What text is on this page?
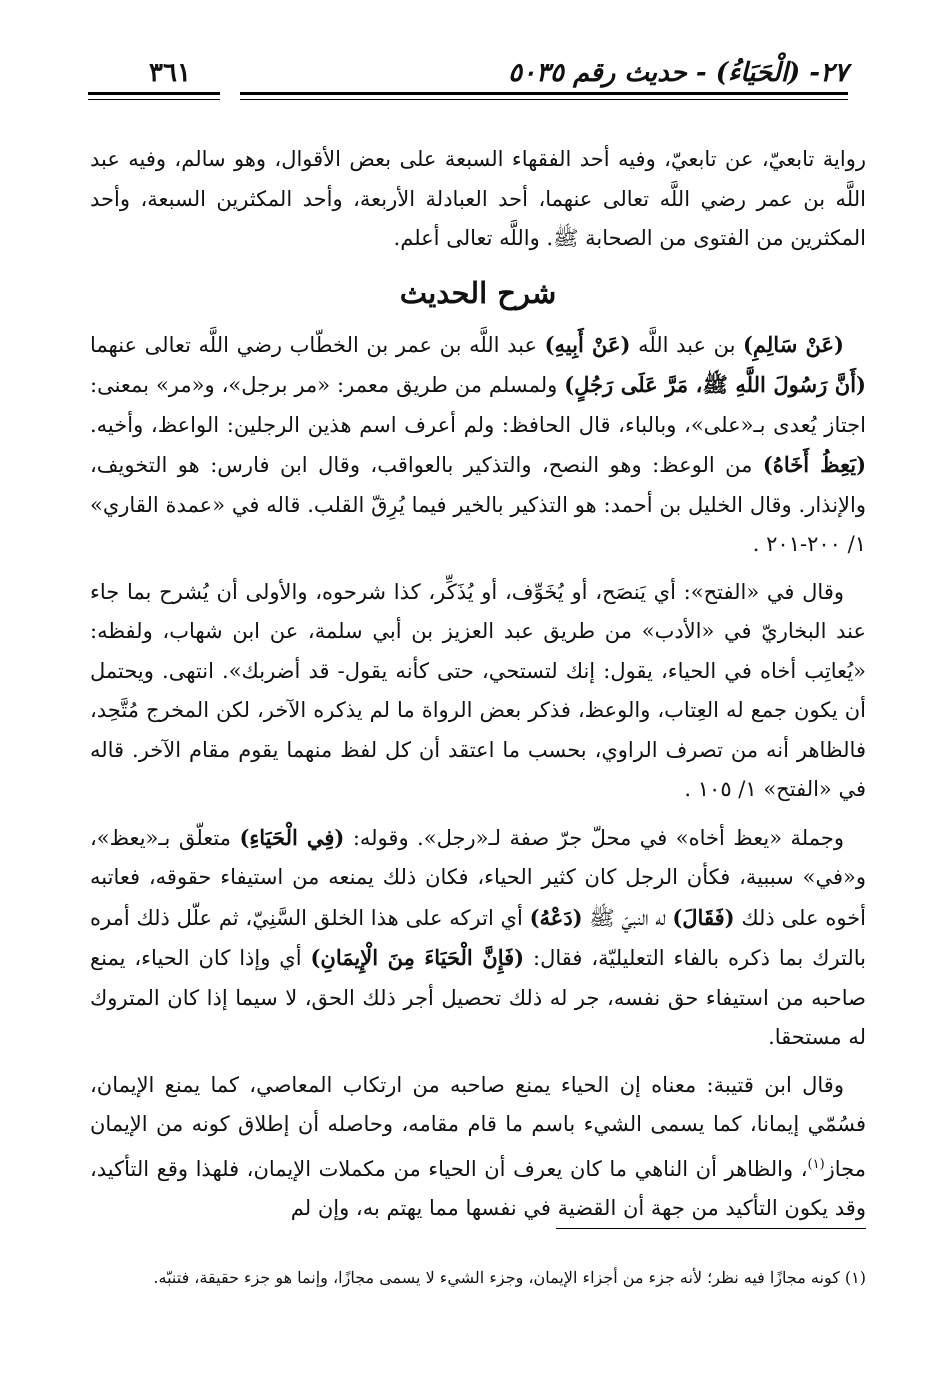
٢٧- (الْحَيَاءُ) - حديث رقم ٥٠٣٥
٣٦١

رواية تابعيّ، عن تابعيّ، وفيه أحد الفقهاء السبعة على بعض الأقوال، وهو سالم، وفيه عبد اللَّه بن عمر رضي اللَّه تعالى عنهما، أحد العبادلة الأربعة، وأحد المكثرين السبعة، وأحد المكثرين من الفتوى من الصحابة ﷺ. واللَّه تعالى أعلم.

شرح الحديث

(عَنْ سَالِمِ) بن عبد اللَّه (عَنْ أَبِيهِ) عبد اللَّه بن عمر بن الخطّاب رضي اللَّه تعالى عنهما (أَنَّ رَسُولَ اللَّهِ ﷺ، مَرَّ عَلَى رَجُلٍ) ولمسلم من طريق معمر: «مر برجل»، و«مر» بمعنى: اجتاز يُعدى بـ«على»، وبالباء، قال الحافظ: ولم أعرف اسم هذين الرجلين: الواعظ، وأخيه. (يَعِظُ أَخَاهُ) من الوعظ: وهو النصح، والتذكير بالعواقب، وقال ابن فارس: هو التخويف، والإنذار. وقال الخليل بن أحمد: هو التذكير بالخير فيما يُرِقّ القلب. قاله في «عمدة القاري» ١/ ٢٠٠-٢٠١ .

وقال في «الفتح»: أي يَنصَح، أو يُخَوِّف، أو يُذَكِّر، كذا شرحوه، والأولى أن يُشرح بما جاء عند البخاريّ في «الأدب» من طريق عبد العزيز بن أبي سلمة، عن ابن شهاب، ولفظه: «يُعاتِب أخاه في الحياء، يقول: إنك لتستحي، حتى كأنه يقول- قد أضربك». انتهى. ويحتمل أن يكون جمع له العِتاب، والوعظ، فذكر بعض الرواة ما لم يذكره الآخر، لكن المخرج مُتَّحِد، فالظاهر أنه من تصرف الراوي، بحسب ما اعتقد أن كل لفظ منهما يقوم مقام الآخر. قاله في «الفتح» ١/ ١٠٥ .

وجملة «يعظ أخاه» في محلّ جرّ صفة لـ«رجل». وقوله: (فِي الْحَيَاءِ) متعلّق بـ«يعظ»، و«في» سببية، فكأن الرجل كان كثير الحياء، فكان ذلك يمنعه من استيفاء حقوقه، فعاتبه أخوه على ذلك (فَقَالَ) له النبيّ ﷺ (دَعْهُ) أي اتركه على هذا الخلق السَّنِيّ، ثم علّل ذلك أمره بالترك بما ذكره بالفاء التعليليّة، فقال: (فَإِنَّ الْحَيَاءَ مِنَ الْإِيمَانِ) أي وإذا كان الحياء، يمنع صاحبه من استيفاء حق نفسه، جر له ذلك تحصيل أجر ذلك الحق، لا سيما إذا كان المتروك له مستحقا.

وقال ابن قتيبة: معناه إن الحياء يمنع صاحبه من ارتكاب المعاصي، كما يمنع الإيمان، فسُمّي إيمانا، كما يسمى الشيء باسم ما قام مقامه، وحاصله أن إطلاق كونه من الإيمان مجاز$^{(١)}$، والظاهر أن الناهي ما كان يعرف أن الحياء من مكملات الإيمان، فلهذا وقع التأكيد، وقد يكون التأكيد من جهة أن القضية في نفسها مما يهتم به، وإن لم

(١) كونه مجازًا فيه نظر؛ لأنه جزء من أجزاء الإيمان، وجزء الشيء لا يسمى مجازًا، وإنما هو جزء حقيقة، فتنبّه.
